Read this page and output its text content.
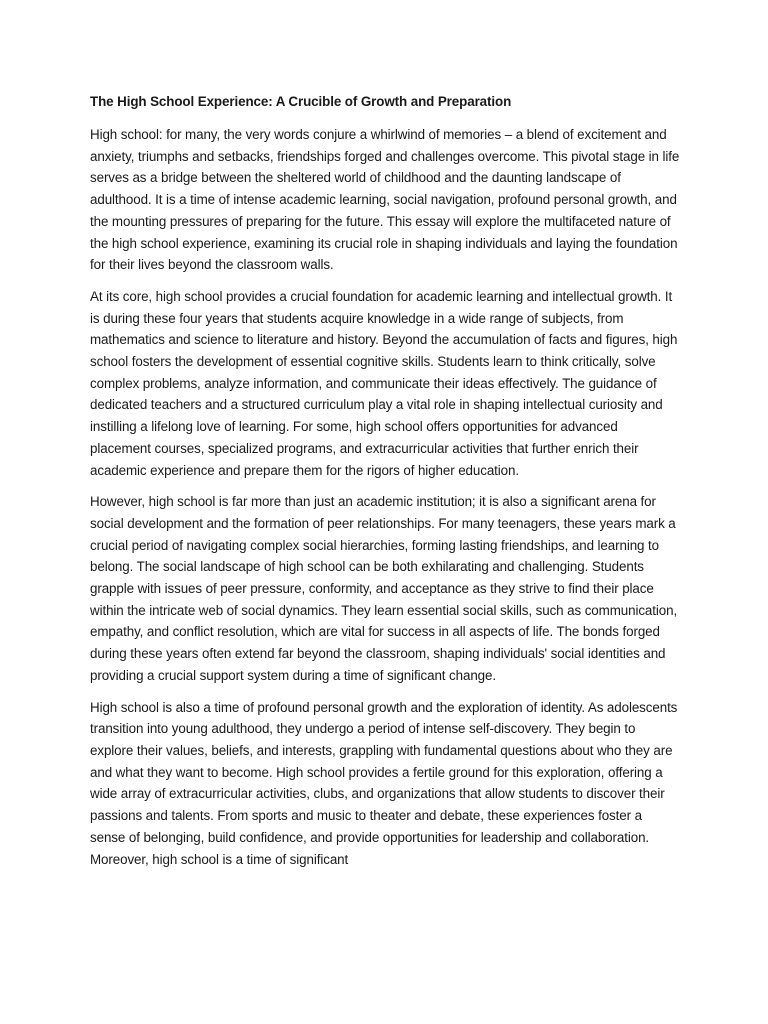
The High School Experience: A Crucible of Growth and Preparation

High school: for many, the very words conjure a whirlwind of memories – a blend of excitement and anxiety, triumphs and setbacks, friendships forged and challenges overcome. This pivotal stage in life serves as a bridge between the sheltered world of childhood and the daunting landscape of adulthood. It is a time of intense academic learning, social navigation, profound personal growth, and the mounting pressures of preparing for the future. This essay will explore the multifaceted nature of the high school experience, examining its crucial role in shaping individuals and laying the foundation for their lives beyond the classroom walls.

At its core, high school provides a crucial foundation for academic learning and intellectual growth. It is during these four years that students acquire knowledge in a wide range of subjects, from mathematics and science to literature and history. Beyond the accumulation of facts and figures, high school fosters the development of essential cognitive skills. Students learn to think critically, solve complex problems, analyze information, and communicate their ideas effectively. The guidance of dedicated teachers and a structured curriculum play a vital role in shaping intellectual curiosity and instilling a lifelong love of learning. For some, high school offers opportunities for advanced placement courses, specialized programs, and extracurricular activities that further enrich their academic experience and prepare them for the rigors of higher education.

However, high school is far more than just an academic institution; it is also a significant arena for social development and the formation of peer relationships. For many teenagers, these years mark a crucial period of navigating complex social hierarchies, forming lasting friendships, and learning to belong. The social landscape of high school can be both exhilarating and challenging. Students grapple with issues of peer pressure, conformity, and acceptance as they strive to find their place within the intricate web of social dynamics. They learn essential social skills, such as communication, empathy, and conflict resolution, which are vital for success in all aspects of life. The bonds forged during these years often extend far beyond the classroom, shaping individuals' social identities and providing a crucial support system during a time of significant change.

High school is also a time of profound personal growth and the exploration of identity. As adolescents transition into young adulthood, they undergo a period of intense self-discovery. They begin to explore their values, beliefs, and interests, grappling with fundamental questions about who they are and what they want to become. High school provides a fertile ground for this exploration, offering a wide array of extracurricular activities, clubs, and organizations that allow students to discover their passions and talents. From sports and music to theater and debate, these experiences foster a sense of belonging, build confidence, and provide opportunities for leadership and collaboration. Moreover, high school is a time of significant
